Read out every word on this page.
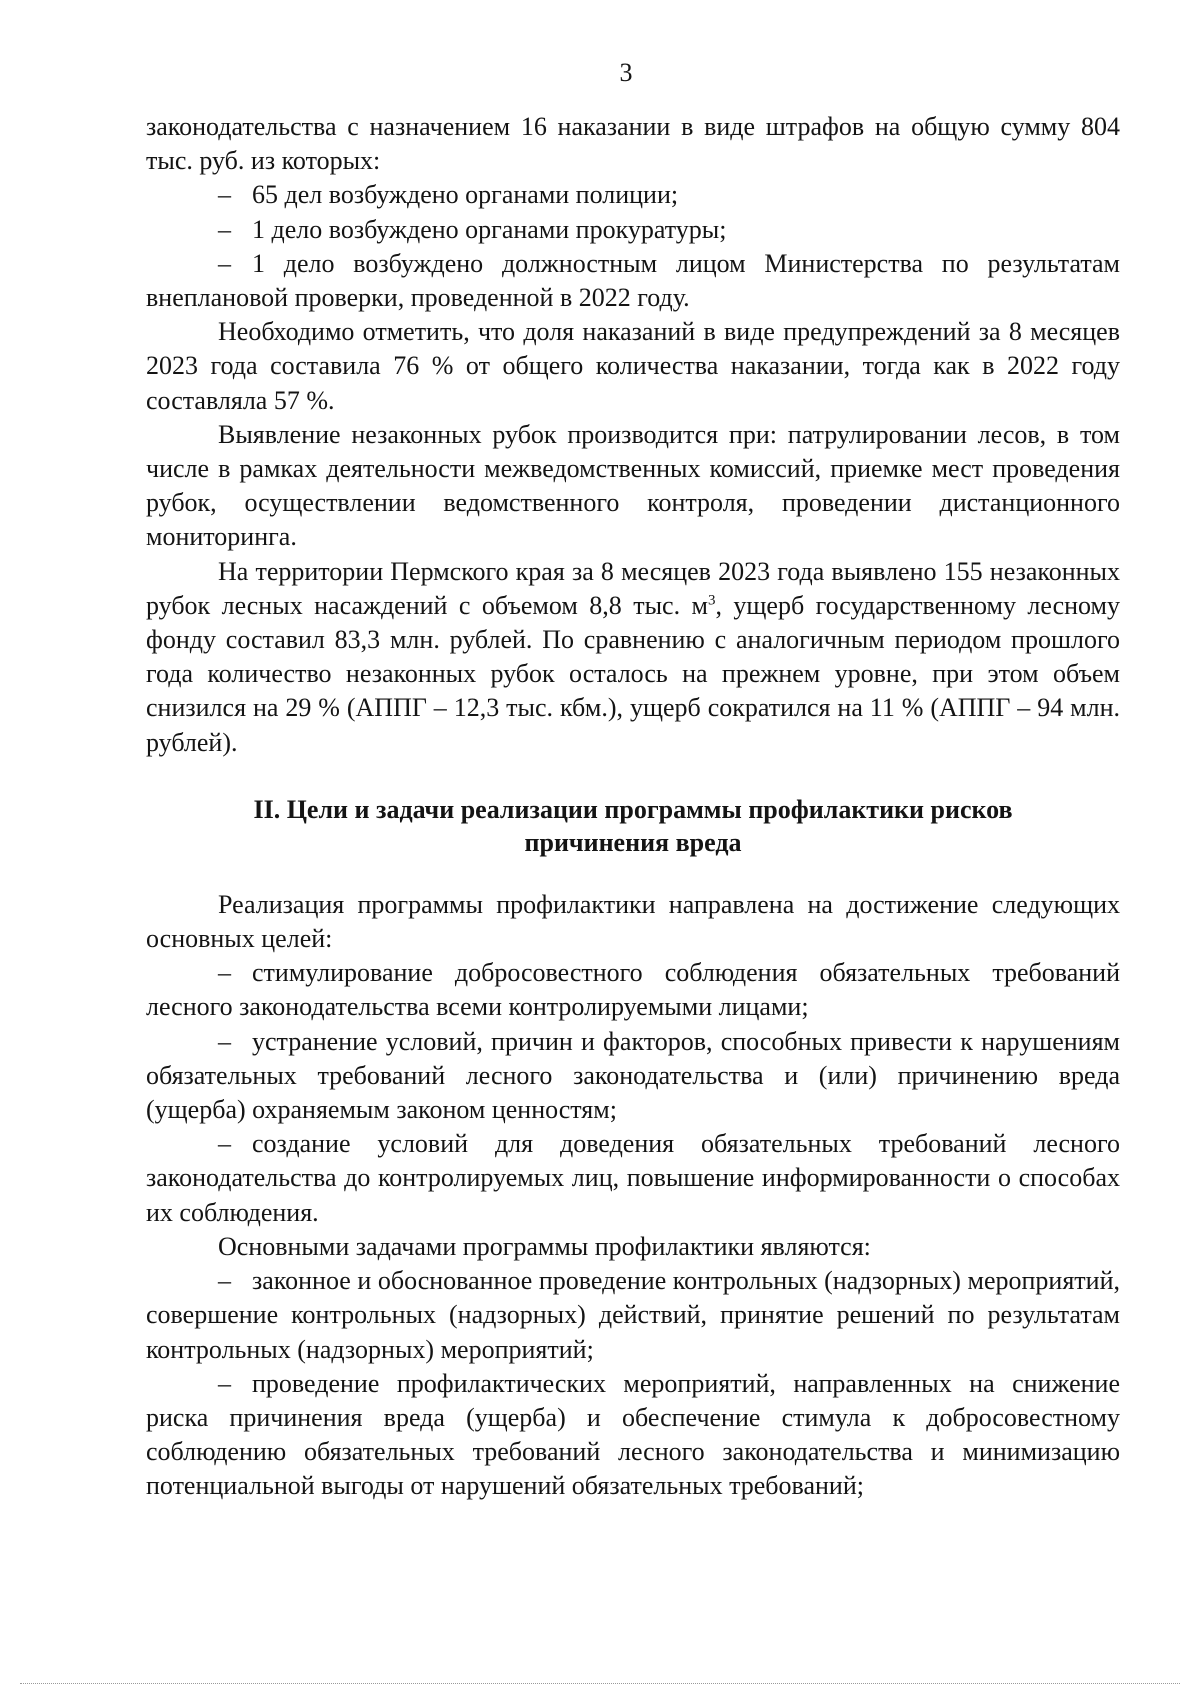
3

законодательства с назначением 16 наказании в виде штрафов на общую сумму 804 тыс. руб. из которых:

– 65 дел возбуждено органами полиции;

– 1 дело возбуждено органами прокуратуры;

– 1 дело возбуждено должностным лицом Министерства по результатам внеплановой проверки, проведенной в 2022 году.

Необходимо отметить, что доля наказаний в виде предупреждений за 8 месяцев 2023 года составила 76 % от общего количества наказании, тогда как в 2022 году составляла 57 %.

Выявление незаконных рубок производится при: патрулировании лесов, в том числе в рамках деятельности межведомственных комиссий, приемке мест проведения рубок, осуществлении ведомственного контроля, проведении дистанционного мониторинга.

На территории Пермского края за 8 месяцев 2023 года выявлено 155 незаконных рубок лесных насаждений с объемом 8,8 тыс. $м^3$, ущерб государственному лесному фонду составил 83,3 млн. рублей. По сравнению с аналогичным периодом прошлого года количество незаконных рубок осталось на прежнем уровне, при этом объем снизился на 29 % (АППГ – 12,3 тыс. кбм.), ущерб сократился на 11 % (АППГ – 94 млн. рублей).

II. Цели и задачи реализации программы профилактики рисков
причинения вреда

Реализация программы профилактики направлена на достижение следующих основных целей:

– стимулирование добросовестного соблюдения обязательных требований лесного законодательства всеми контролируемыми лицами;

– устранение условий, причин и факторов, способных привести к нарушениям обязательных требований лесного законодательства и (или) причинению вреда (ущерба) охраняемым законом ценностям;

– создание условий для доведения обязательных требований лесного законодательства до контролируемых лиц, повышение информированности о способах их соблюдения.

Основными задачами программы профилактики являются:

– законное и обоснованное проведение контрольных (надзорных) мероприятий, совершение контрольных (надзорных) действий, принятие решений по результатам контрольных (надзорных) мероприятий;

– проведение профилактических мероприятий, направленных на снижение риска причинения вреда (ущерба) и обеспечение стимула к добросовестному соблюдению обязательных требований лесного законодательства и минимизацию потенциальной выгоды от нарушений обязательных требований;
